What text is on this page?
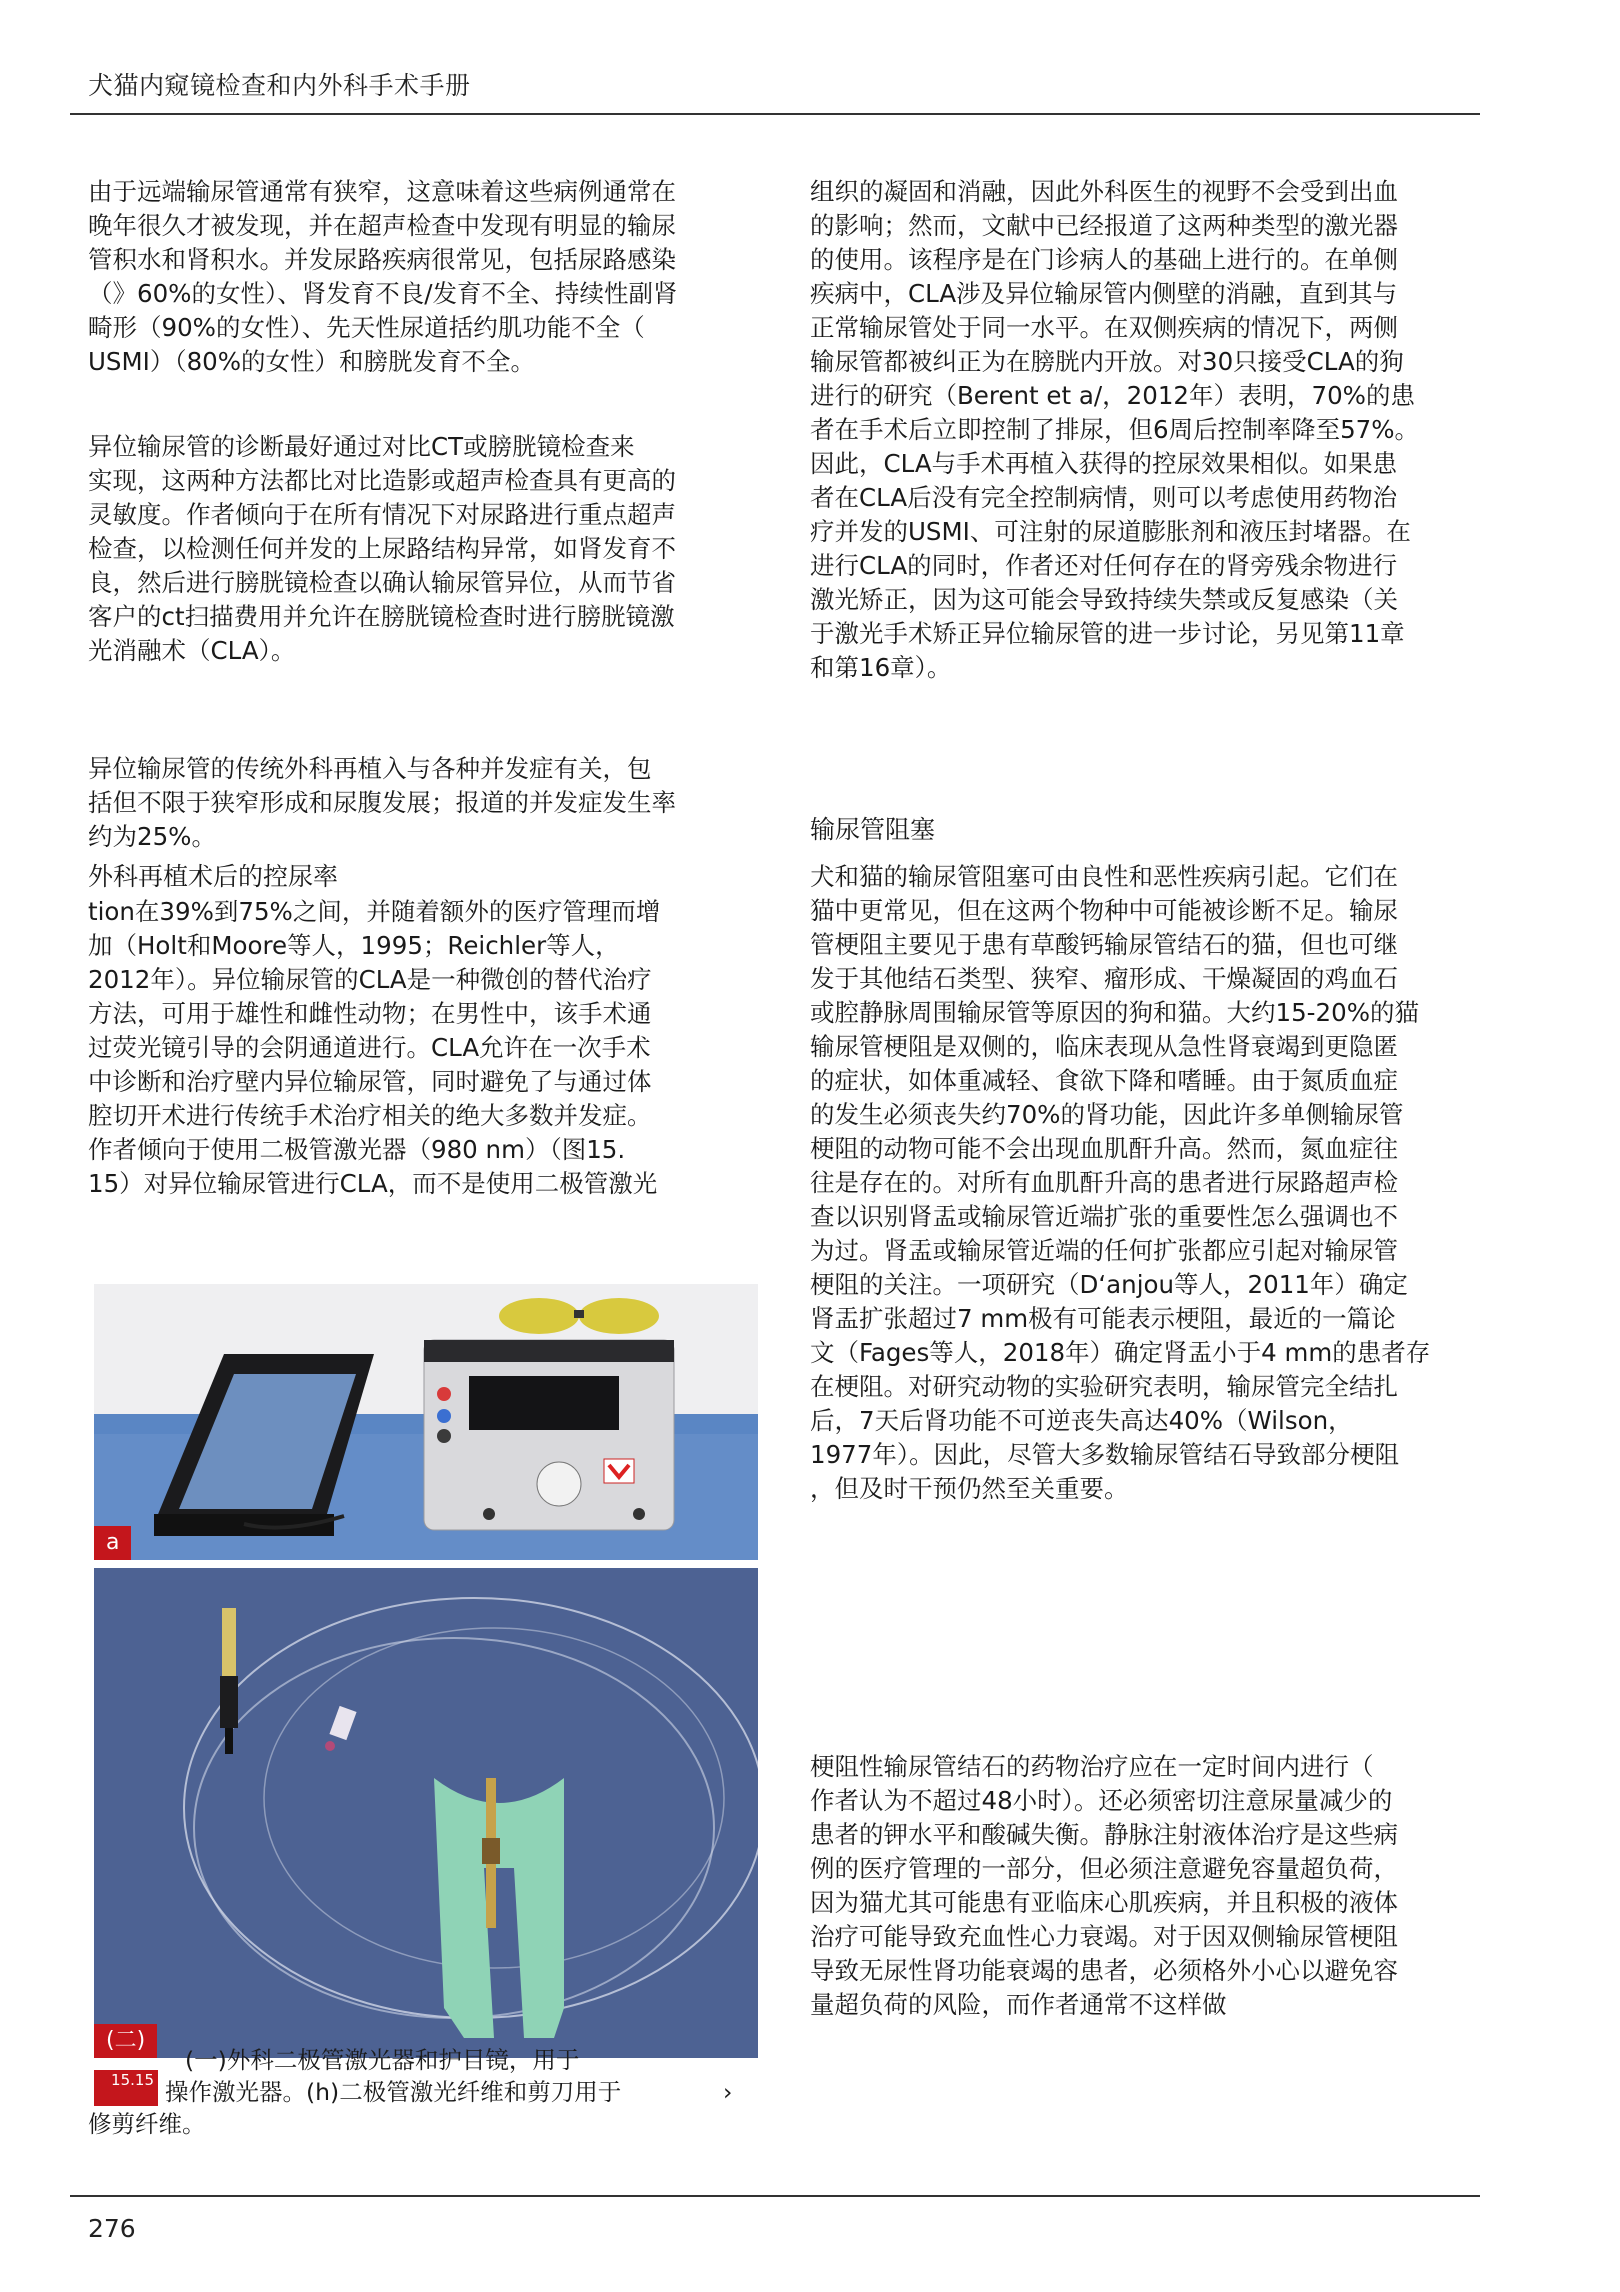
犬猫内窥镜检查和内外科手术手册

由于远端输尿管通常有狭窄，这意味着这些病例通常在
晚年很久才被发现，并在超声检查中发现有明显的输尿
管积水和肾积水。并发尿路疾病很常见，包括尿路感染
（》60%的女性）、肾发育不良/发育不全、持续性副肾
畸形（90%的女性）、先天性尿道括约肌功能不全（
USMI）（80%的女性）和膀胱发育不全。

异位输尿管的诊断最好通过对比CT或膀胱镜检查来
实现，这两种方法都比对比造影或超声检查具有更高的
灵敏度。作者倾向于在所有情况下对尿路进行重点超声
检查，以检测任何并发的上尿路结构异常，如肾发育不
良，然后进行膀胱镜检查以确认输尿管异位，从而节省
客户的ct扫描费用并允许在膀胱镜检查时进行膀胱镜激
光消融术（CLA）。

异位输尿管的传统外科再植入与各种并发症有关，包
括但不限于狭窄形成和尿腹发展；报道的并发症发生率
约为25%。

外科再植术后的控尿率

tion在39%到75%之间，并随着额外的医疗管理而增
加（Holt和Moore等人，1995；Reichler等人，
2012年）。异位输尿管的CLA是一种微创的替代治疗
方法，可用于雄性和雌性动物；在男性中，该手术通
过荧光镜引导的会阴通道进行。CLA允许在一次手术
中诊断和治疗壁内异位输尿管，同时避免了与通过体
腔切开术进行传统手术治疗相关的绝大多数并发症。
作者倾向于使用二极管激光器（980 nm）（图15.
15）对异位输尿管进行CLA，而不是使用二极管激光

a
(二)
15.15

(一)外科二极管激光器和护目镜，用于

操作激光器。(h)二极管激光纤维和剪刀用于	›

修剪纤维。

组织的凝固和消融，因此外科医生的视野不会受到出血
的影响；然而，文献中已经报道了这两种类型的激光器
的使用。该程序是在门诊病人的基础上进行的。在单侧
疾病中，CLA涉及异位输尿管内侧壁的消融，直到其与
正常输尿管处于同一水平。在双侧疾病的情况下，两侧
输尿管都被纠正为在膀胱内开放。对30只接受CLA的狗
进行的研究（Berent et a/，2012年）表明，70%的患
者在手术后立即控制了排尿，但6周后控制率降至57%。
因此，CLA与手术再植入获得的控尿效果相似。如果患
者在CLA后没有完全控制病情，则可以考虑使用药物治
疗并发的USMI、可注射的尿道膨胀剂和液压封堵器。在
进行CLA的同时，作者还对任何存在的肾旁残余物进行
激光矫正，因为这可能会导致持续失禁或反复感染（关
于激光手术矫正异位输尿管的进一步讨论，另见第11章
和第16章）。

输尿管阻塞

犬和猫的输尿管阻塞可由良性和恶性疾病引起。它们在
猫中更常见，但在这两个物种中可能被诊断不足。输尿
管梗阻主要见于患有草酸钙输尿管结石的猫，但也可继
发于其他结石类型、狭窄、瘤形成、干燥凝固的鸡血石
或腔静脉周围输尿管等原因的狗和猫。大约15-20%的猫
输尿管梗阻是双侧的，临床表现从急性肾衰竭到更隐匿
的症状，如体重减轻、食欲下降和嗜睡。由于氮质血症
的发生必须丧失约70%的肾功能，因此许多单侧输尿管
梗阻的动物可能不会出现血肌酐升高。然而，氮血症往
往是存在的。对所有血肌酐升高的患者进行尿路超声检
查以识别肾盂或输尿管近端扩张的重要性怎么强调也不
为过。肾盂或输尿管近端的任何扩张都应引起对输尿管
梗阻的关注。一项研究（D‘anjou等人，2011年）确定
肾盂扩张超过7 mm极有可能表示梗阻，最近的一篇论
文（Fages等人，2018年）确定肾盂小于4 mm的患者存
在梗阻。对研究动物的实验研究表明，输尿管完全结扎
后，7天后肾功能不可逆丧失高达40%（Wilson，
1977年）。因此，尽管大多数输尿管结石导致部分梗阻
，但及时干预仍然至关重要。

梗阻性输尿管结石的药物治疗应在一定时间内进行（
作者认为不超过48小时）。还必须密切注意尿量减少的
患者的钾水平和酸碱失衡。静脉注射液体治疗是这些病
例的医疗管理的一部分，但必须注意避免容量超负荷，
因为猫尤其可能患有亚临床心肌疾病，并且积极的液体
治疗可能导致充血性心力衰竭。对于因双侧输尿管梗阻
导致无尿性肾功能衰竭的患者，必须格外小心以避免容
量超负荷的风险，而作者通常不这样做

276
